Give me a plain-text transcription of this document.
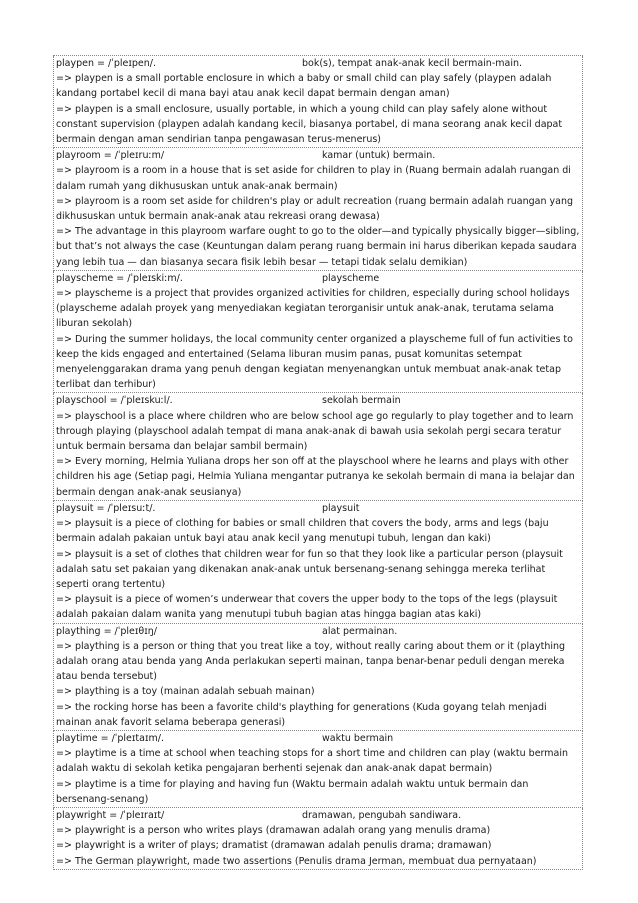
playpen = /ˈpleɪpen/.	bok(s), tempat anak-anak kecil bermain-main.
=> playpen is a small portable enclosure in which a baby or small child can play safely (playpen adalah kandang portabel kecil di mana bayi atau anak kecil dapat bermain dengan aman)
=> playpen is a small enclosure, usually portable, in which a young child can play safely alone without constant supervision (playpen adalah kandang kecil, biasanya portabel, di mana seorang anak kecil dapat bermain dengan aman sendirian tanpa pengawasan terus-menerus)
playroom = /ˈpleɪruːm/	kamar (untuk) bermain.
=> playroom is a room in a house that is set aside for children to play in (Ruang bermain adalah ruangan di dalam rumah yang dikhususkan untuk anak-anak bermain)
=> playroom is a room set aside for children's play or adult recreation (ruang bermain adalah ruangan yang dikhususkan untuk bermain anak-anak atau rekreasi orang dewasa)
=> The advantage in this playroom warfare ought to go to the older—and typically physically bigger—sibling, but that’s not always the case (Keuntungan dalam perang ruang bermain ini harus diberikan kepada saudara yang lebih tua — dan biasanya secara fisik lebih besar — tetapi tidak selalu demikian)
playscheme = /ˈpleɪskiːm/.	playscheme
=> playscheme is a project that provides organized activities for children, especially during school holidays (playscheme adalah proyek yang menyediakan kegiatan terorganisir untuk anak-anak, terutama selama liburan sekolah)
=> During the summer holidays, the local community center organized a playscheme full of fun activities to keep the kids engaged and entertained (Selama liburan musim panas, pusat komunitas setempat menyelenggarakan drama yang penuh dengan kegiatan menyenangkan untuk membuat anak-anak tetap terlibat dan terhibur)
playschool = /ˈpleɪskuːl/.	sekolah bermain
=> playschool is a place where children who are below school age go regularly to play together and to learn through playing (playschool adalah tempat di mana anak-anak di bawah usia sekolah pergi secara teratur untuk bermain bersama dan belajar sambil bermain)
=> Every morning, Helmia Yuliana drops her son off at the playschool where he learns and plays with other children his age (Setiap pagi, Helmia Yuliana mengantar putranya ke sekolah bermain di mana ia belajar dan bermain dengan anak-anak seusianya)
playsuit = /ˈpleɪsuːt/.	playsuit
=> playsuit is a piece of clothing for babies or small children that covers the body, arms and legs (baju bermain adalah pakaian untuk bayi atau anak kecil yang menutupi tubuh, lengan dan kaki)
=> playsuit is a set of clothes that children wear for fun so that they look like a particular person (playsuit adalah satu set pakaian yang dikenakan anak-anak untuk bersenang-senang sehingga mereka terlihat seperti orang tertentu)
=> playsuit is a piece of women’s underwear that covers the upper body to the tops of the legs (playsuit adalah pakaian dalam wanita yang menutupi tubuh bagian atas hingga bagian atas kaki)
plaything = /ˈpleɪθɪŋ/	alat permainan.
=> plaything is a person or thing that you treat like a toy, without really caring about them or it (plaything adalah orang atau benda yang Anda perlakukan seperti mainan, tanpa benar-benar peduli dengan mereka atau benda tersebut)
=> plaything is a toy (mainan adalah sebuah mainan)
=> the rocking horse has been a favorite child's plaything for generations (Kuda goyang telah menjadi mainan anak favorit selama beberapa generasi)
playtime = /ˈpleɪtaɪm/.	waktu bermain
=> playtime is a time at school when teaching stops for a short time and children can play (waktu bermain adalah waktu di sekolah ketika pengajaran berhenti sejenak dan anak-anak dapat bermain)
=> playtime is a time for playing and having fun (Waktu bermain adalah waktu untuk bermain dan bersenang-senang)
playwright = /ˈpleɪraɪt/	dramawan, pengubah sandiwara.
=> playwright is a person who writes plays (dramawan adalah orang yang menulis drama)
=> playwright is a writer of plays; dramatist (dramawan adalah penulis drama; dramawan)
=> The German playwright, made two assertions (Penulis drama Jerman, membuat dua pernyataan)
